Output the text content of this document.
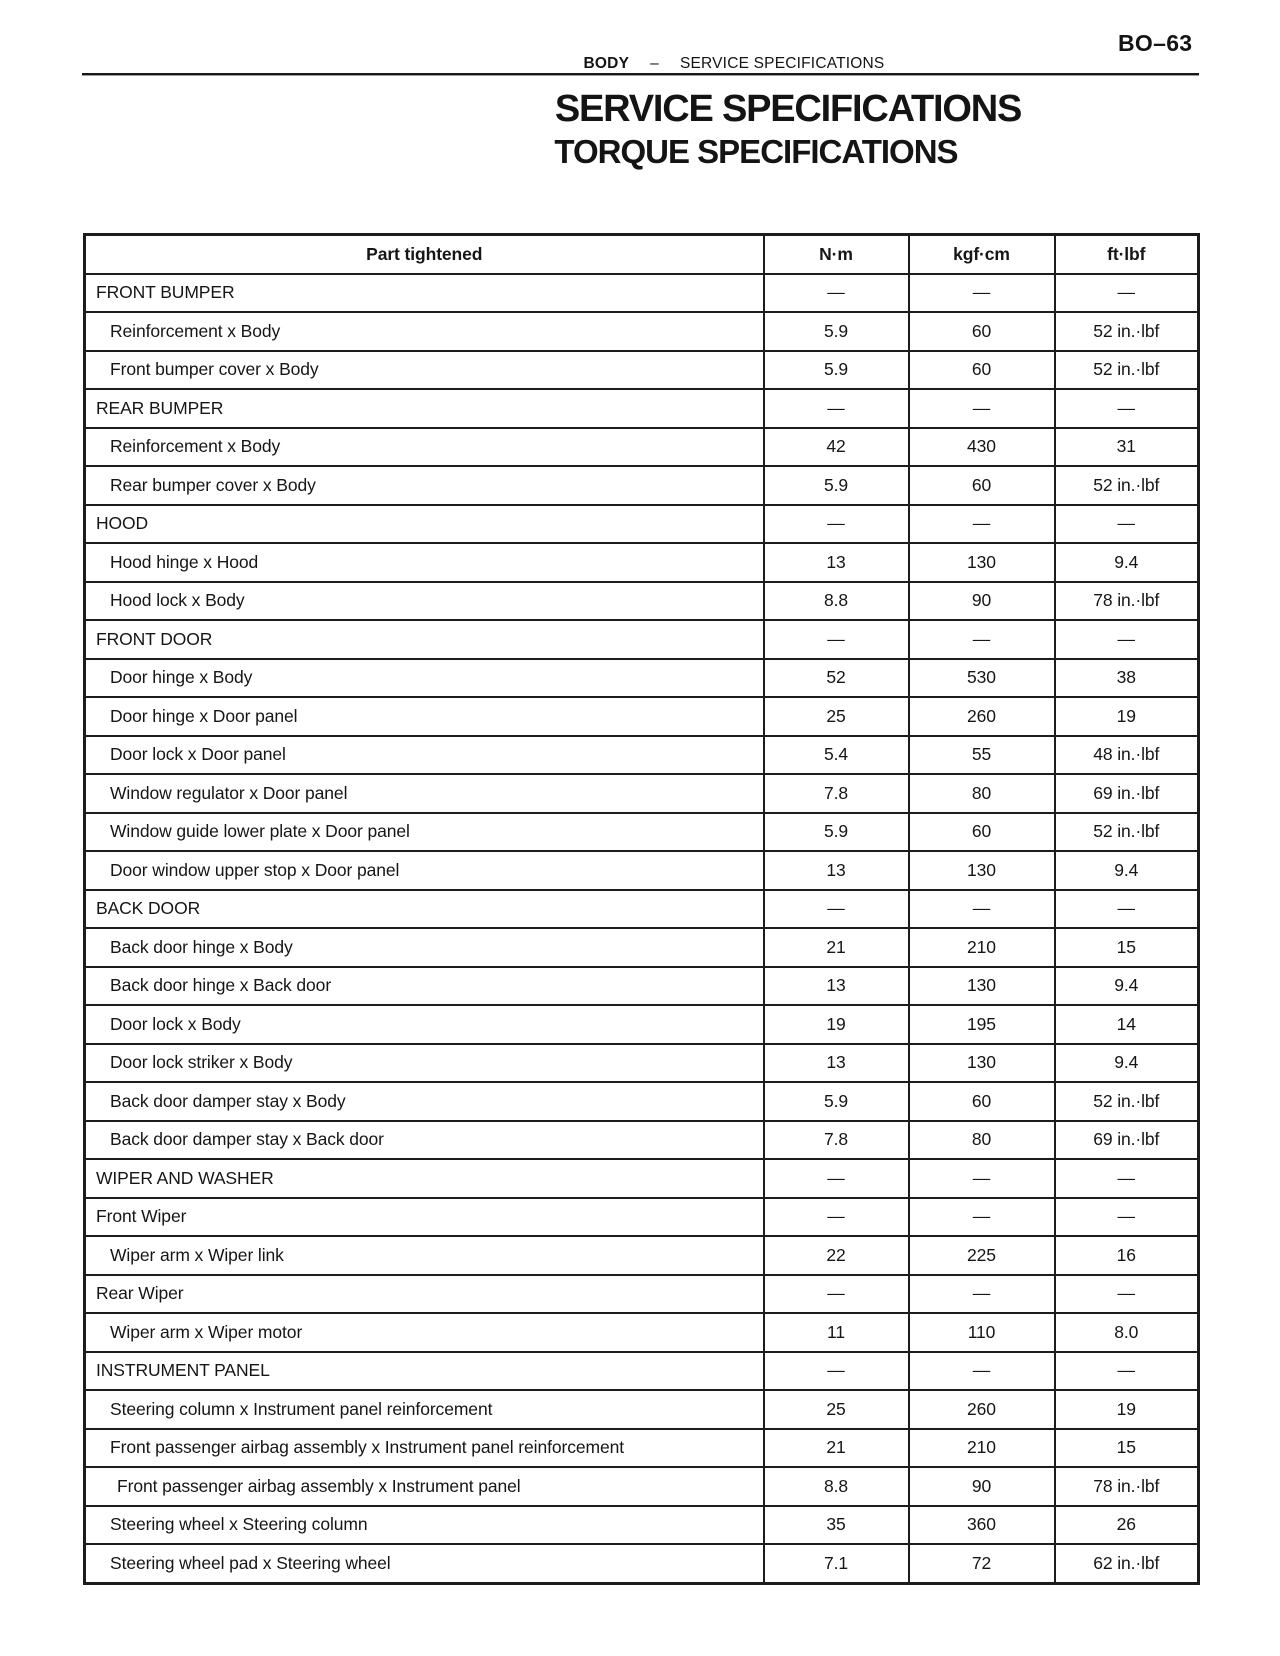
BO–63
BODY – SERVICE SPECIFICATIONS
SERVICE SPECIFICATIONS
TORQUE SPECIFICATIONS
Part tightened	N·m	kgf·cm	ft·lbf
FRONT BUMPER	—	—	—
Reinforcement x Body	5.9	60	52 in.·lbf
Front bumper cover x Body	5.9	60	52 in.·lbf
REAR BUMPER	—	—	—
Reinforcement x Body	42	430	31
Rear bumper cover x Body	5.9	60	52 in.·lbf
HOOD	—	—	—
Hood hinge x Hood	13	130	9.4
Hood lock x Body	8.8	90	78 in.·lbf
FRONT DOOR	—	—	—
Door hinge x Body	52	530	38
Door hinge x Door panel	25	260	19
Door lock x Door panel	5.4	55	48 in.·lbf
Window regulator x Door panel	7.8	80	69 in.·lbf
Window guide lower plate x Door panel	5.9	60	52 in.·lbf
Door window upper stop x Door panel	13	130	9.4
BACK DOOR	—	—	—
Back door hinge x Body	21	210	15
Back door hinge x Back door	13	130	9.4
Door lock x Body	19	195	14
Door lock striker x Body	13	130	9.4
Back door damper stay x Body	5.9	60	52 in.·lbf
Back door damper stay x Back door	7.8	80	69 in.·lbf
WIPER AND WASHER	—	—	—
Front Wiper	—	—	—
Wiper arm x Wiper link	22	225	16
Rear Wiper	—	—	—
Wiper arm x Wiper motor	11	110	8.0
INSTRUMENT PANEL	—	—	—
Steering column x Instrument panel reinforcement	25	260	19
Front passenger airbag assembly x Instrument panel reinforcement	21	210	15
Front passenger airbag assembly x Instrument panel	8.8	90	78 in.·lbf
Steering wheel x Steering column	35	360	26
Steering wheel pad x Steering wheel	7.1	72	62 in.·lbf
